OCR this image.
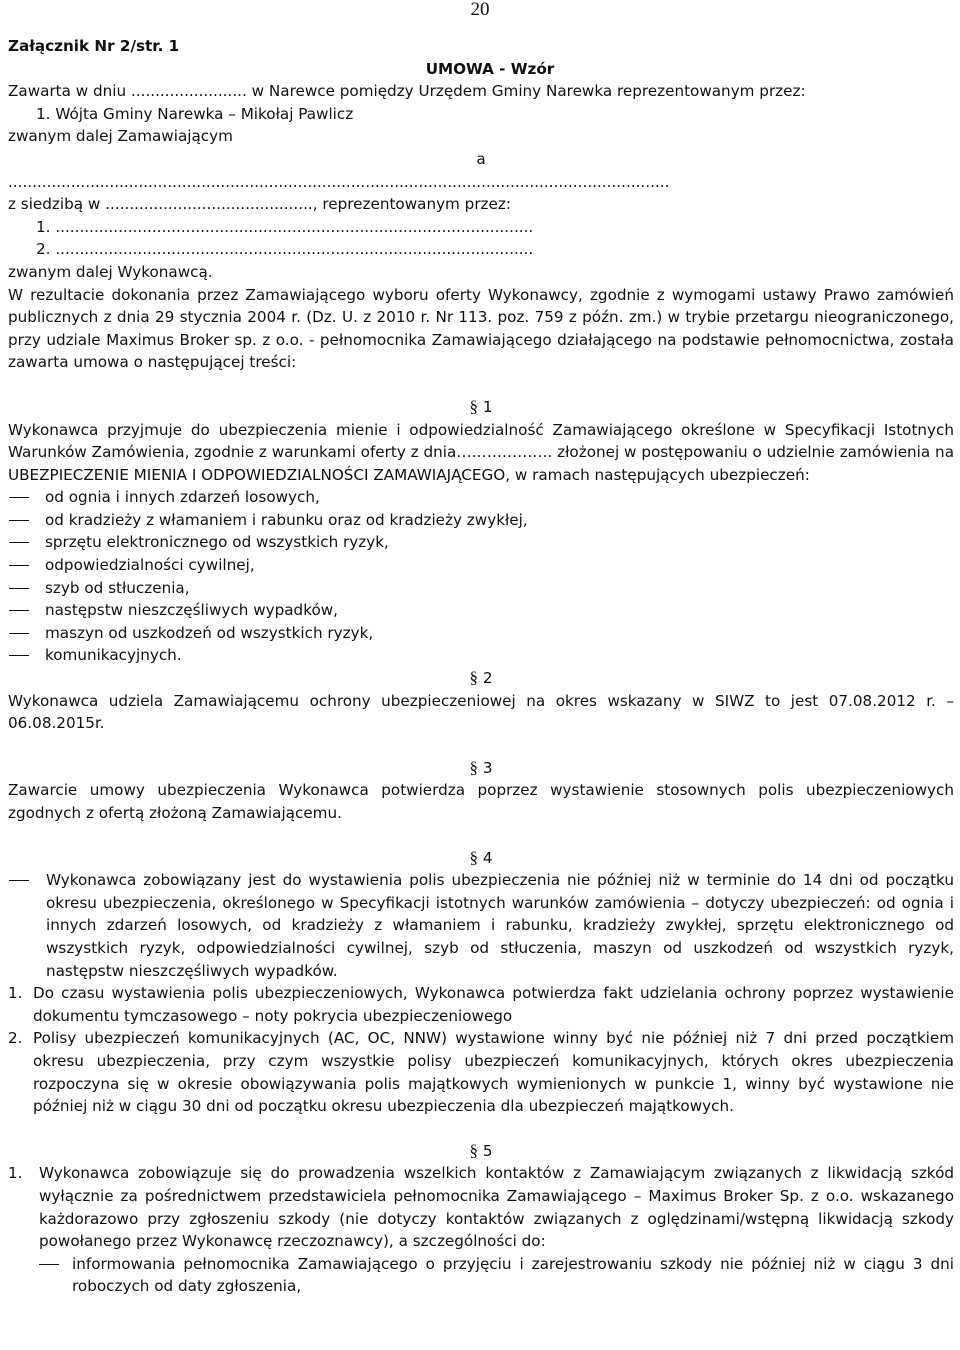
20

Załącznik Nr 2/str. 1

UMOWA - Wzór

Zawarta w dniu ........................ w Narewce pomiędzy Urzędem Gminy Narewka reprezentowanym przez:

1. Wójta Gminy Narewka – Mikołaj Pawlicz

zwanym dalej Zamawiającym

a

.........................................................................................................................................

z siedzibą w ..........................................., reprezentowanym przez:

1. ...................................................................................................

2. ...................................................................................................

zwanym dalej Wykonawcą.

W rezultacie dokonania przez Zamawiającego wyboru oferty Wykonawcy, zgodnie z wymogami ustawy Prawo zamówień publicznych z dnia 29 stycznia 2004 r. (Dz. U. z 2010 r. Nr 113. poz. 759 z późn. zm.) w trybie przetargu nieograniczonego, przy udziale Maximus Broker sp. z o.o. - pełnomocnika Zamawiającego działającego na podstawie pełnomocnictwa, została zawarta umowa o następującej treści:

§ 1

Wykonawca przyjmuje do ubezpieczenia mienie i odpowiedzialność Zamawiającego określone w Specyfikacji Istotnych Warunków Zamówienia, zgodnie z warunkami oferty z dnia………………. złożonej w postępowaniu o udzielnie zamówienia na UBEZPIECZENIE MIENIA I ODPOWIEDZIALNOŚCI ZAMAWIAJĄCEGO, w ramach następujących ubezpieczeń:

od ognia i innych zdarzeń losowych,
od kradzieży z włamaniem i rabunku oraz od kradzieży zwykłej,
sprzętu elektronicznego od wszystkich ryzyk,
odpowiedzialności cywilnej,
szyb od stłuczenia,
następstw nieszczęśliwych wypadków,
maszyn od uszkodzeń od wszystkich ryzyk,
komunikacyjnych.

§ 2

Wykonawca udziela Zamawiającemu ochrony ubezpieczeniowej na okres wskazany w SIWZ to jest 07.08.2012 r. – 06.08.2015r.

§ 3

Zawarcie umowy ubezpieczenia Wykonawca potwierdza poprzez wystawienie stosownych polis ubezpieczeniowych zgodnych z ofertą złożoną Zamawiającemu.

§ 4

Wykonawca zobowiązany jest do wystawienia polis ubezpieczenia nie później niż w terminie do 14 dni od początku okresu ubezpieczenia, określonego w Specyfikacji istotnych warunków zamówienia – dotyczy ubezpieczeń: od ognia i innych zdarzeń losowych, od kradzieży z włamaniem i rabunku, kradzieży zwykłej, sprzętu elektronicznego od wszystkich ryzyk, odpowiedzialności cywilnej, szyb od stłuczenia, maszyn od uszkodzeń od wszystkich ryzyk, następstw nieszczęśliwych wypadków.

1. Do czasu wystawienia polis ubezpieczeniowych, Wykonawca potwierdza fakt udzielania ochrony poprzez wystawienie dokumentu tymczasowego – noty pokrycia ubezpieczeniowego

2. Polisy ubezpieczeń komunikacyjnych (AC, OC, NNW) wystawione winny być nie później niż 7 dni przed początkiem okresu ubezpieczenia, przy czym wszystkie polisy ubezpieczeń komunikacyjnych, których okres ubezpieczenia rozpoczyna się w okresie obowiązywania polis majątkowych wymienionych w punkcie 1, winny być wystawione nie później niż w ciągu 30 dni od początku okresu ubezpieczenia dla ubezpieczeń majątkowych.

§ 5

1. Wykonawca zobowiązuje się do prowadzenia wszelkich kontaktów z Zamawiającym związanych z likwidacją szkód wyłącznie za pośrednictwem przedstawiciela pełnomocnika Zamawiającego – Maximus Broker Sp. z o.o. wskazanego każdorazowo przy zgłoszeniu szkody (nie dotyczy kontaktów związanych z oględzinami/wstępną likwidacją szkody powołanego przez Wykonawcę rzeczoznawcy), a szczególności do:

informowania pełnomocnika Zamawiającego o przyjęciu i zarejestrowaniu szkody nie później niż w ciągu 3 dni roboczych od daty zgłoszenia,
